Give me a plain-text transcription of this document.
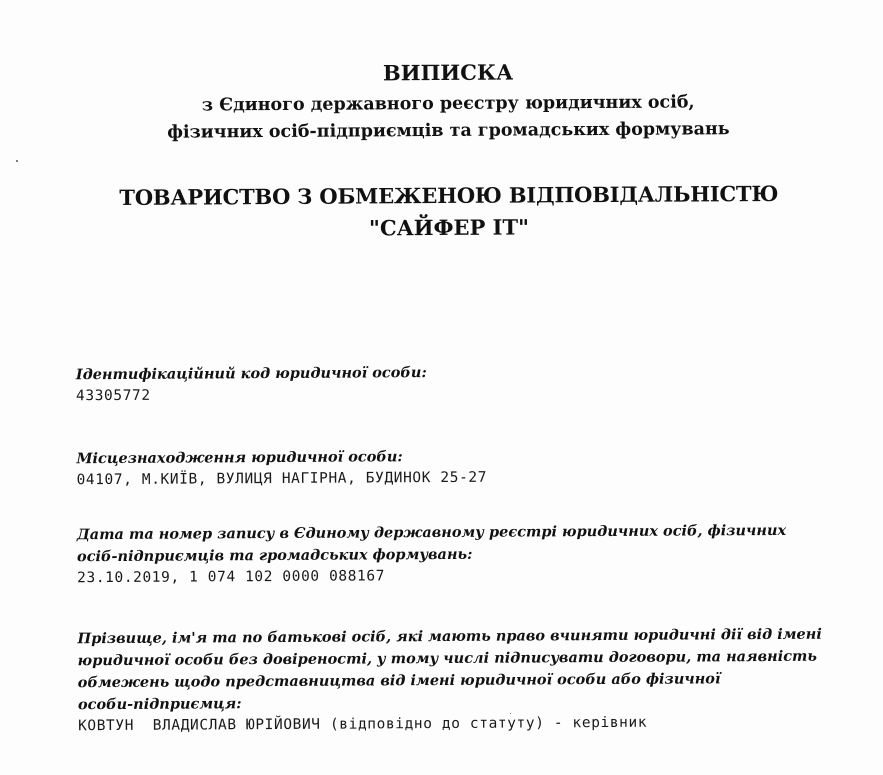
ВИПИСКА
з Єдиного державного реєстру юридичних осіб,
фізичних осіб-підприємців та громадських формувань
ТОВАРИСТВО З ОБМЕЖЕНОЮ ВІДПОВІДАЛЬНІСТЮ
"САЙФЕР ІТ"
Ідентифікаційний код юридичної особи:
43305772
Місцезнаходження юридичної особи:
04107, М.КИЇВ, ВУЛИЦЯ НАГІРНА, БУДИНОК 25-27
Дата та номер запису в Єдиному державному реєстрі юридичних осіб, фізичних
осіб-підприємців та громадських формувань:
23.10.2019, 1 074 102 0000 088167
Прізвище, ім'я та по батькові осіб, які мають право вчиняти юридичні дії від імені
юридичної особи без довіреності, у тому числі підписувати договори, та наявність
обмежень щодо представництва від імені юридичної особи або фізичної
особи-підприємця:
КОВТУН  ВЛАДИСЛАВ ЮРІЙОВИЧ (відповідно до статуту) - керівник
